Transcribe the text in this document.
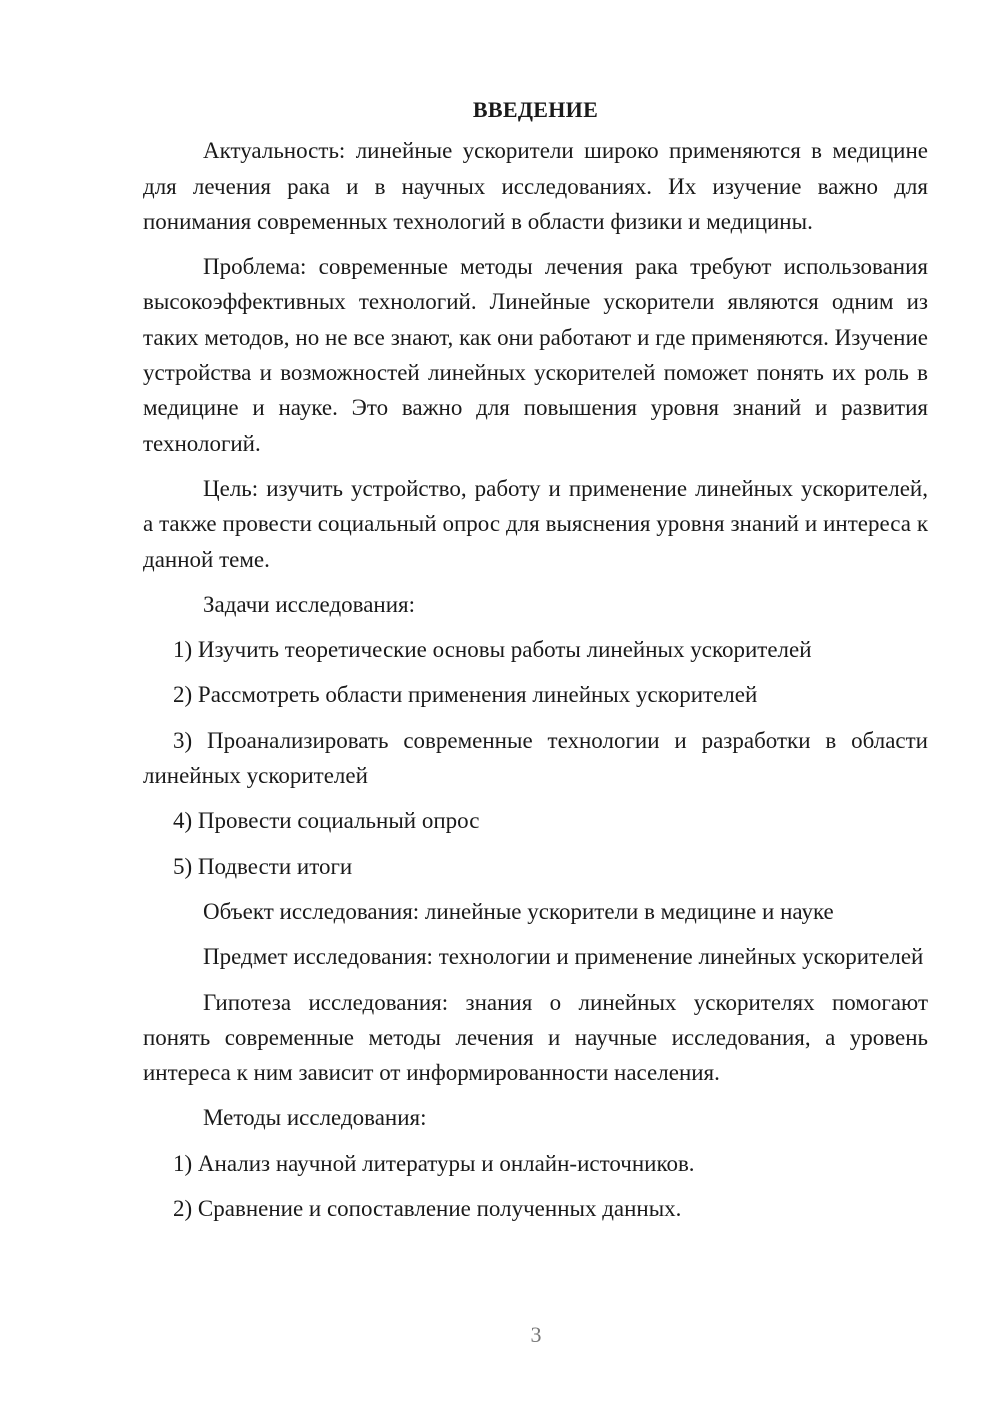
ВВЕДЕНИЕ
Актуальность: линейные ускорители широко применяются в медицине для лечения рака и в научных исследованиях. Их изучение важно для понимания современных технологий в области физики и медицины.
Проблема: современные методы лечения рака требуют использования высокоэффективных технологий. Линейные ускорители являются одним из таких методов, но не все знают, как они работают и где применяются. Изучение устройства и возможностей линейных ускорителей поможет понять их роль в медицине и науке. Это важно для повышения уровня знаний и развития технологий.
Цель: изучить устройство, работу и применение линейных ускорителей, а также провести социальный опрос для выяснения уровня знаний и интереса к данной теме.
Задачи исследования:
1) Изучить теоретические основы работы линейных ускорителей
2) Рассмотреть области применения линейных ускорителей
3) Проанализировать современные технологии и разработки в области линейных ускорителей
4) Провести социальный опрос
5) Подвести итоги
Объект исследования: линейные ускорители в медицине и науке
Предмет исследования: технологии и применение линейных ускорителей
Гипотеза исследования: знания о линейных ускорителях помогают понять современные методы лечения и научные исследования, а уровень интереса к ним зависит от информированности населения.
Методы исследования:
1) Анализ научной литературы и онлайн-источников.
2) Сравнение и сопоставление полученных данных.
3
